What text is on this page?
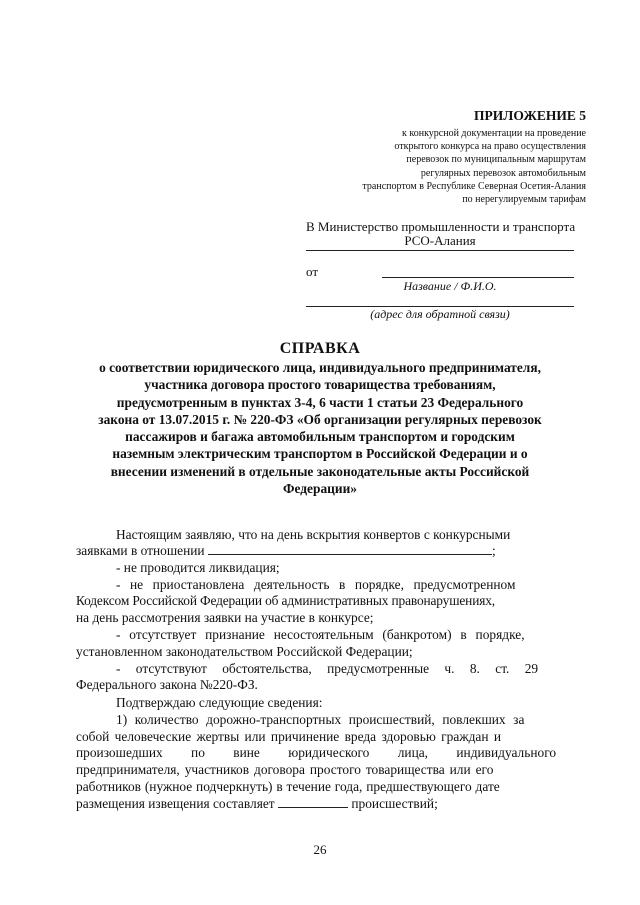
ПРИЛОЖЕНИЕ 5
к конкурсной документации на проведение
открытого конкурса на право осуществления
перевозок по муниципальным маршрутам
регулярных перевозок автомобильным
транспортом в Республике Северная Осетия-Алания
по нерегулируемым тарифам
В Министерство промышленности и транспорта
РСО-Алания
от
Название / Ф.И.О.
(адрес для обратной связи)
СПРАВКА
о соответствии юридического лица, индивидуального предпринимателя,
участника договора простого товарищества требованиям,
предусмотренным в пунктах 3-4, 6 части 1 статьи 23 Федерального
закона от 13.07.2015 г. № 220-ФЗ «Об организации регулярных перевозок
пассажиров и багажа автомобильным транспортом и городским
наземным электрическим транспортом в Российской Федерации и о
внесении изменений в отдельные законодательные акты Российской
Федерации»
Настоящим заявляю, что на день вскрытия конвертов с конкурсными
заявками в отношении	;
- не проводится ликвидация;
- не приостановлена деятельность в порядке, предусмотренном
Кодексом Российской Федерации об административных правонарушениях,
на день рассмотрения заявки на участие в конкурсе;
- отсутствует признание несостоятельным (банкротом) в порядке,
установленном законодательством Российской Федерации;
- отсутствуют обстоятельства, предусмотренные ч. 8. ст. 29
Федерального закона №220-ФЗ.
Подтверждаю следующие сведения:
1) количество дорожно-транспортных происшествий, повлекших за
собой человеческие жертвы или причинение вреда здоровью граждан и
произошедших по вине юридического лица, индивидуального
предпринимателя, участников договора простого товарищества или его
работников (нужное подчеркнуть) в течение года, предшествующего дате
размещения извещения составляет	происшествий;
26
